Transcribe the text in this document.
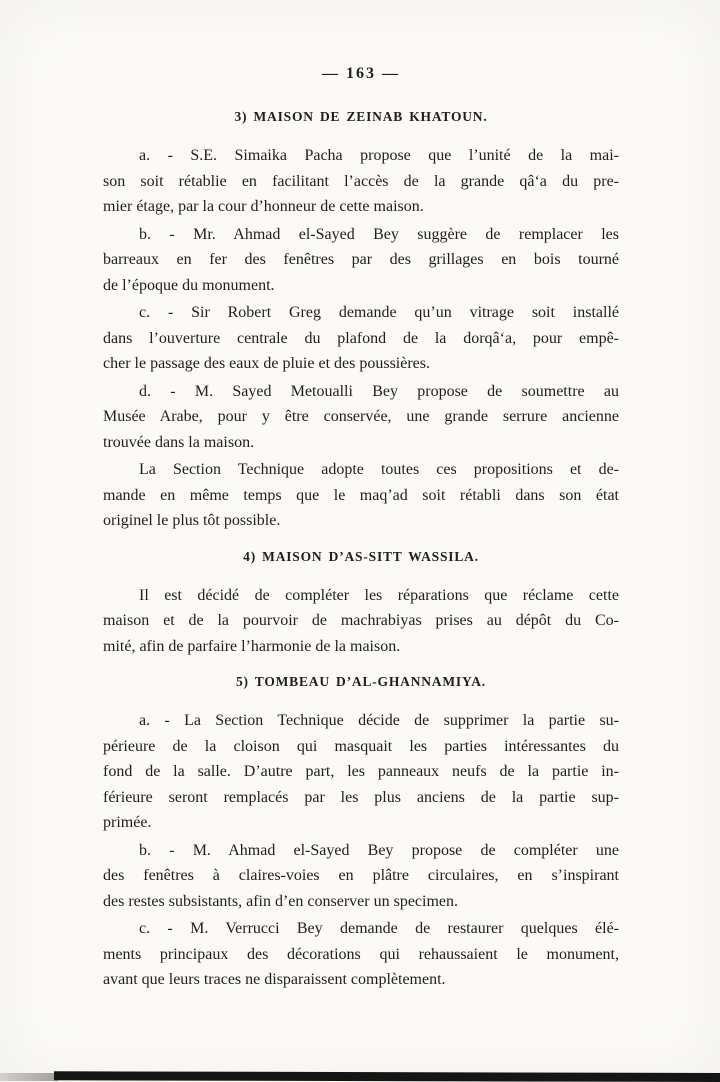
— 163 —
3) MAISON DE ZEINAB KHATOUN.
a. - S.E. Simaika Pacha propose que l’unité de la mai-
son soit rétablie en facilitant l’accès de la grande qâ‘a du pre-
mier étage, par la cour d’honneur de cette maison.
b. - Mr. Ahmad el-Sayed Bey suggère de remplacer les
barreaux en fer des fenêtres par des grillages en bois tourné
de l’époque du monument.
c. - Sir Robert Greg demande qu’un vitrage soit installé
dans l’ouverture centrale du plafond de la dorqâ‘a, pour empê-
cher le passage des eaux de pluie et des poussières.
d. - M. Sayed Metoualli Bey propose de soumettre au
Musée Arabe, pour y être conservée, une grande serrure ancienne
trouvée dans la maison.
La Section Technique adopte toutes ces propositions et de-
mande en même temps que le maq’ad soit rétabli dans son état
originel le plus tôt possible.
4) MAISON D’AS-SITT WASSILA.
Il est décidé de compléter les réparations que réclame cette
maison et de la pourvoir de machrabiyas prises au dépôt du Co-
mité, afin de parfaire l’harmonie de la maison.
5) TOMBEAU D’AL-GHANNAMIYA.
a. - La Section Technique décide de supprimer la partie su-
périeure de la cloison qui masquait les parties intéressantes du
fond de la salle. D’autre part, les panneaux neufs de la partie in-
férieure seront remplacés par les plus anciens de la partie sup-
primée.
b. - M. Ahmad el-Sayed Bey propose de compléter une
des fenêtres à claires-voies en plâtre circulaires, en s’inspirant
des restes subsistants, afin d’en conserver un specimen.
c. - M. Verrucci Bey demande de restaurer quelques élé-
ments principaux des décorations qui rehaussaient le monument,
avant que leurs traces ne disparaissent complètement.
